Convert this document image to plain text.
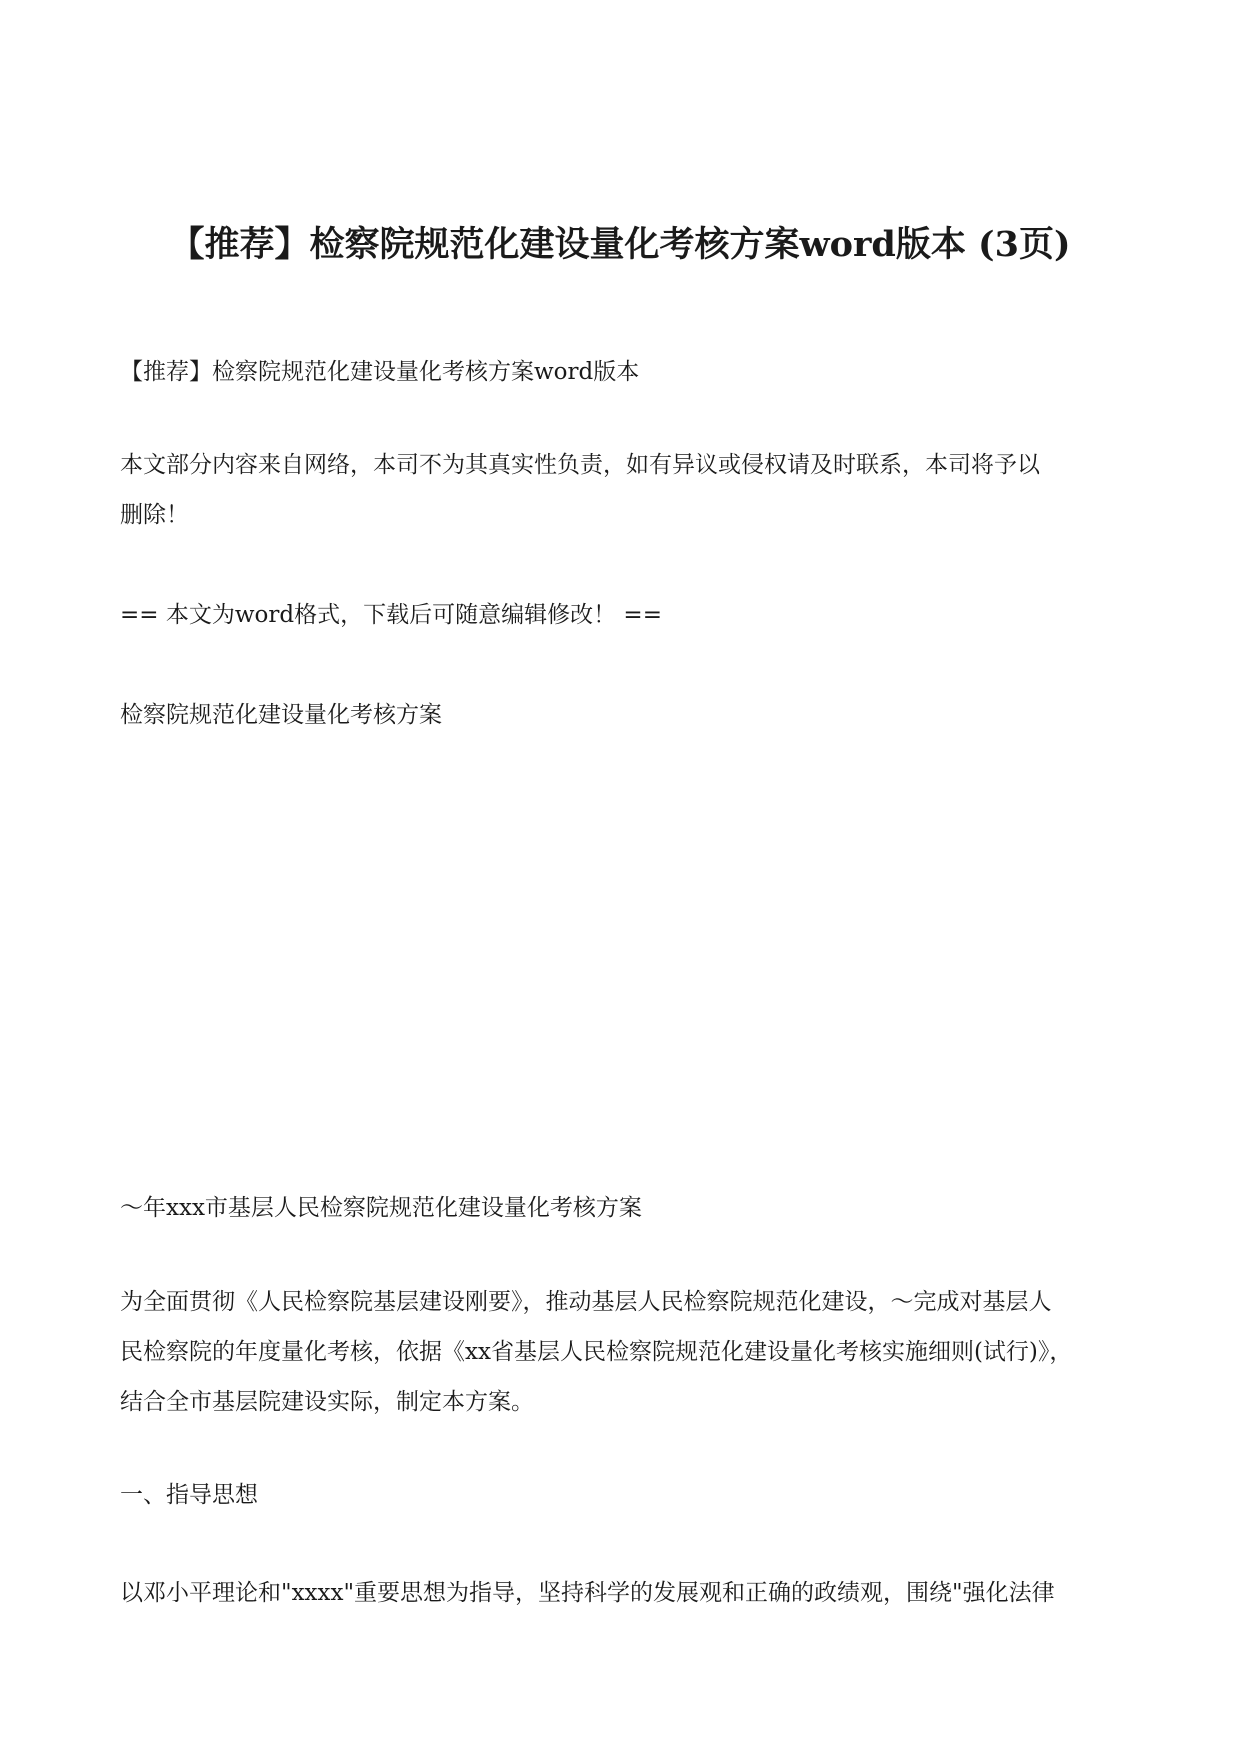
【推荐】检察院规范化建设量化考核方案word版本 (3页)

【推荐】检察院规范化建设量化考核方案word版本

本文部分内容来自网络，本司不为其真实性负责，如有异议或侵权请及时联系，本司将予以
删除！

== 本文为word格式，下载后可随意编辑修改！ ==

检察院规范化建设量化考核方案

～年xxx市基层人民检察院规范化建设量化考核方案

为全面贯彻《人民检察院基层建设刚要》，推动基层人民检察院规范化建设，～完成对基层人
民检察院的年度量化考核，依据《xx省基层人民检察院规范化建设量化考核实施细则(试行)》，
结合全市基层院建设实际，制定本方案。

一、指导思想

以邓小平理论和"xxxx"重要思想为指导，坚持科学的发展观和正确的政绩观，围绕"强化法律
